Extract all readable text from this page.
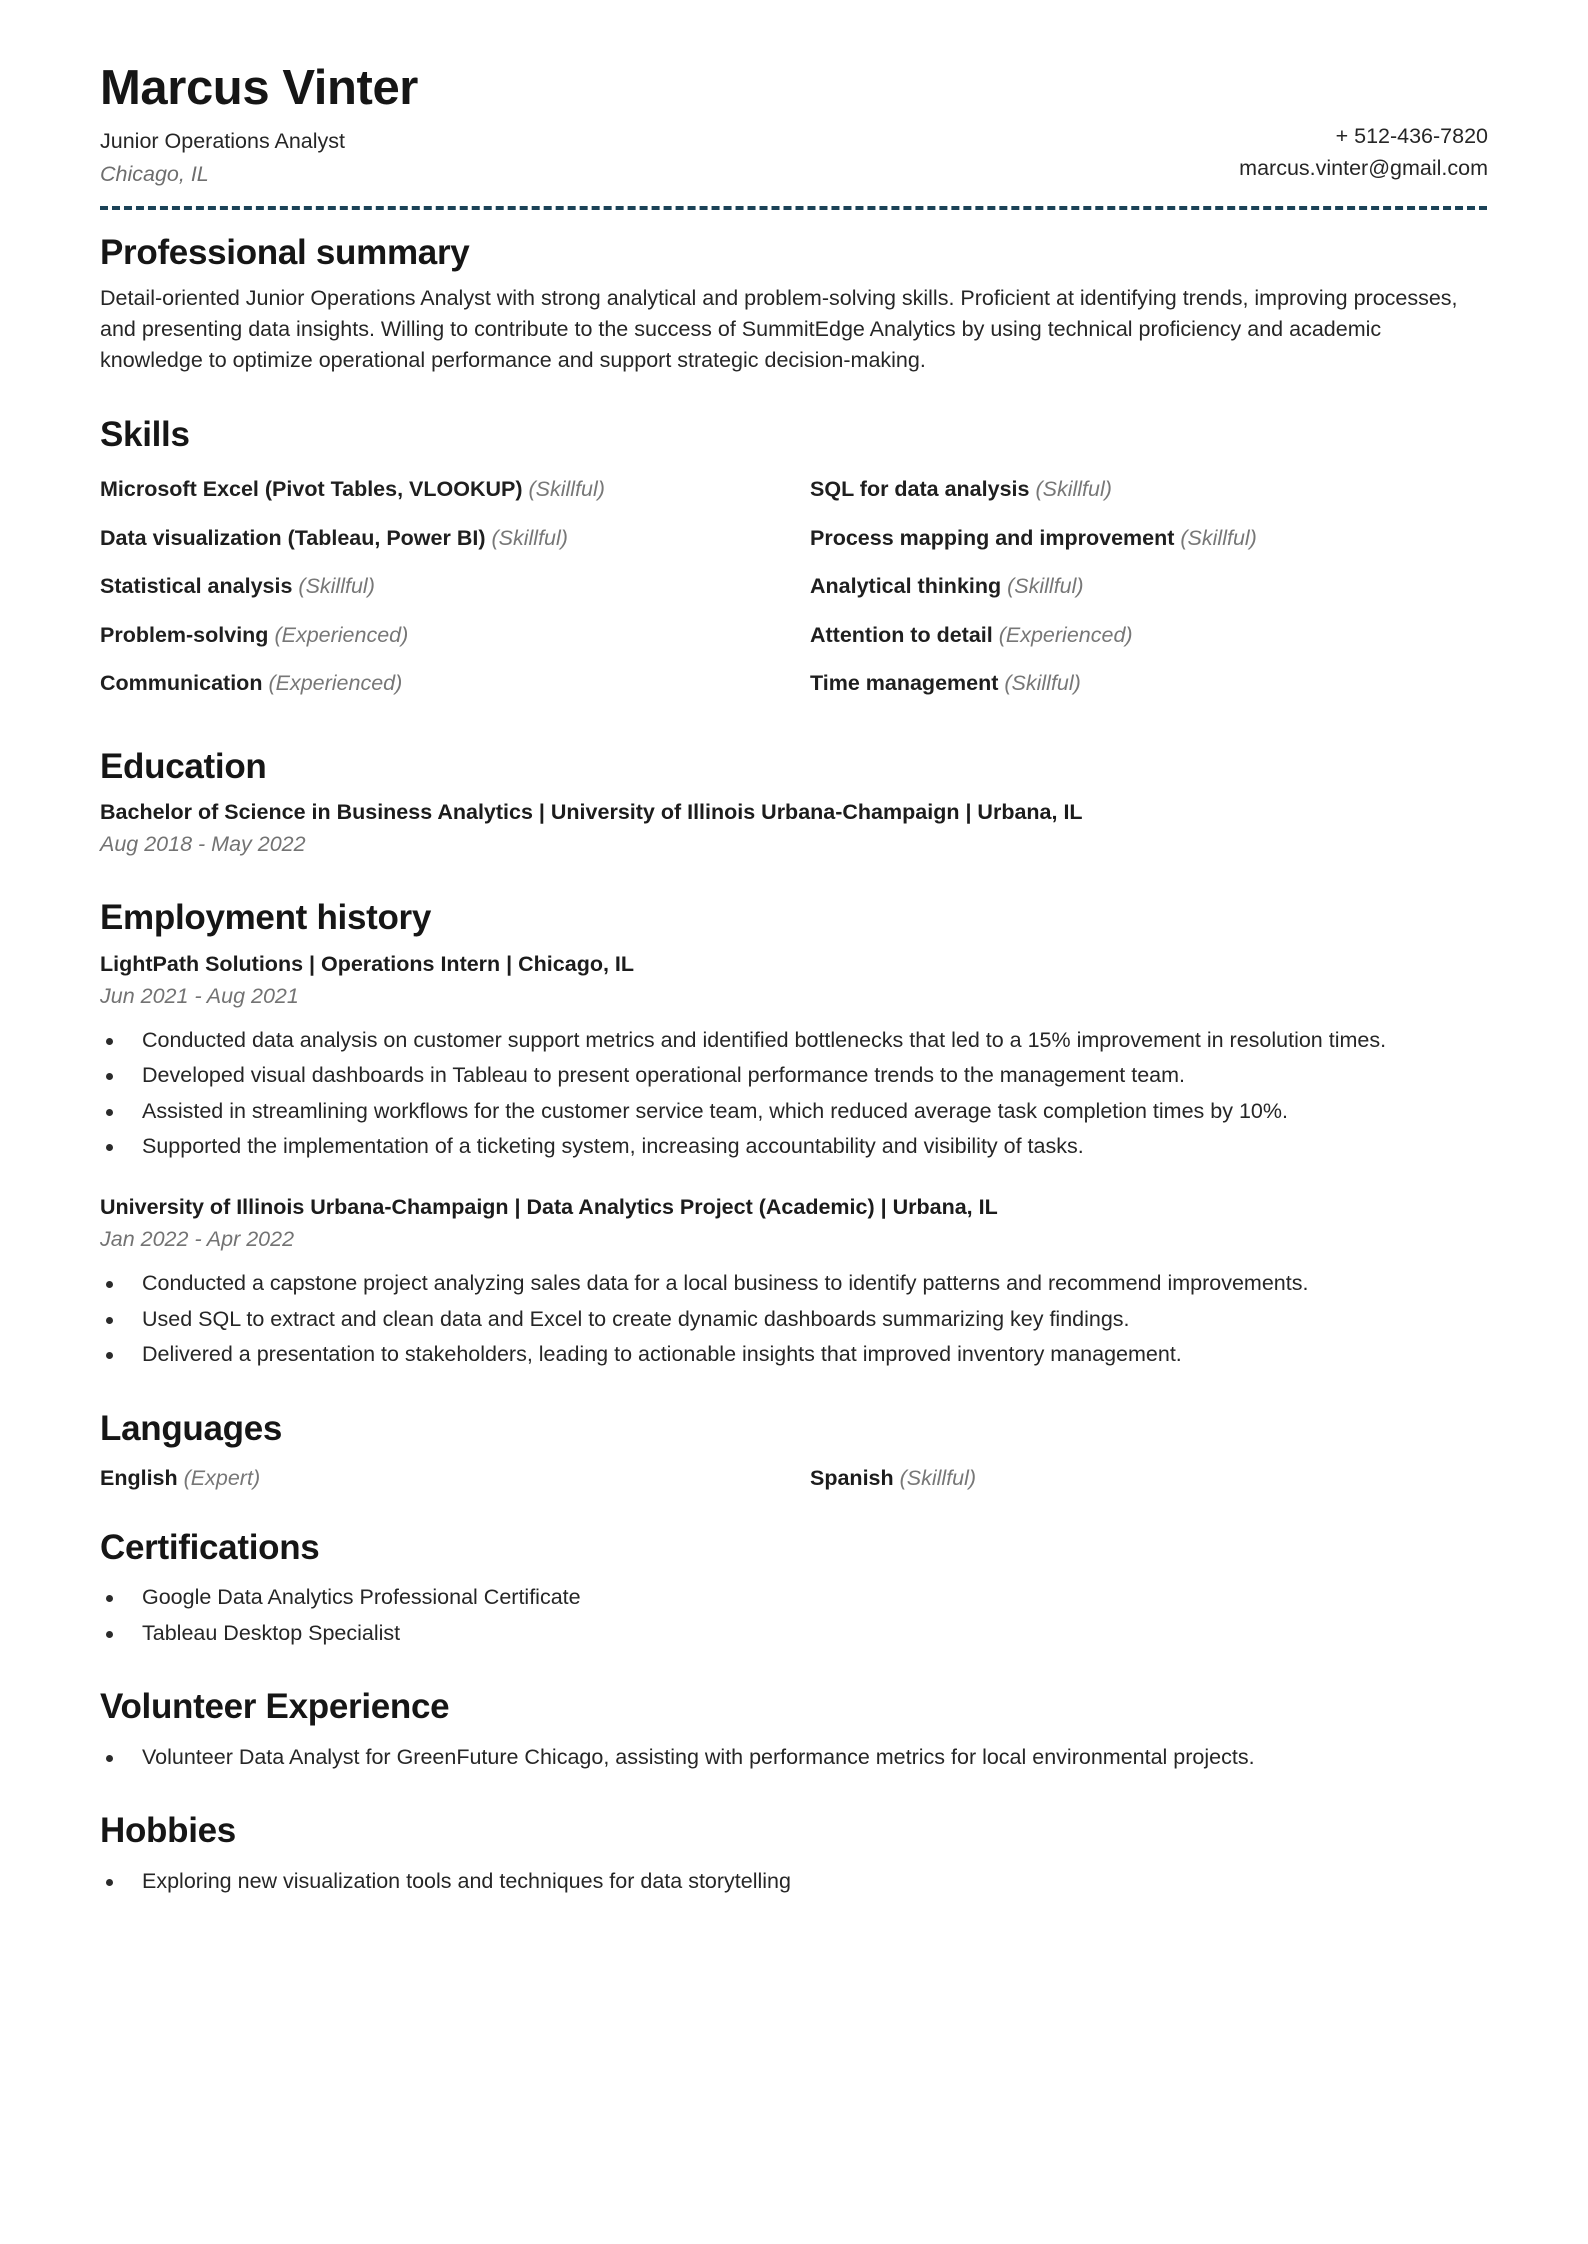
Marcus Vinter
Junior Operations Analyst
Chicago, IL
+ 512-436-7820
marcus.vinter@gmail.com
Professional summary

Detail-oriented Junior Operations Analyst with strong analytical and problem-solving skills. Proficient at identifying trends, improving processes, and presenting data insights. Willing to contribute to the success of SummitEdge Analytics by using technical proficiency and academic knowledge to optimize operational performance and support strategic decision-making.

Skills
Microsoft Excel (Pivot Tables, VLOOKUP) (Skillful)	SQL for data analysis (Skillful)
Data visualization (Tableau, Power BI) (Skillful)	Process mapping and improvement (Skillful)
Statistical analysis (Skillful)	Analytical thinking (Skillful)
Problem-solving (Experienced)	Attention to detail (Experienced)
Communication (Experienced)	Time management (Skillful)
Education
Bachelor of Science in Business Analytics | University of Illinois Urbana-Champaign | Urbana, IL
Aug 2018 - May 2022
Employment history
LightPath Solutions | Operations Intern | Chicago, IL
Jun 2021 - Aug 2021
Conducted data analysis on customer support metrics and identified bottlenecks that led to a 15% improvement in resolution times.
Developed visual dashboards in Tableau to present operational performance trends to the management team.
Assisted in streamlining workflows for the customer service team, which reduced average task completion times by 10%.
Supported the implementation of a ticketing system, increasing accountability and visibility of tasks.
University of Illinois Urbana-Champaign | Data Analytics Project (Academic) | Urbana, IL
Jan 2022 - Apr 2022
Conducted a capstone project analyzing sales data for a local business to identify patterns and recommend improvements.
Used SQL to extract and clean data and Excel to create dynamic dashboards summarizing key findings.
Delivered a presentation to stakeholders, leading to actionable insights that improved inventory management.
Languages
English (Expert)	Spanish (Skillful)
Certifications
Google Data Analytics Professional Certificate
Tableau Desktop Specialist
Volunteer Experience
Volunteer Data Analyst for GreenFuture Chicago, assisting with performance metrics for local environmental projects.
Hobbies
Exploring new visualization tools and techniques for data storytelling
